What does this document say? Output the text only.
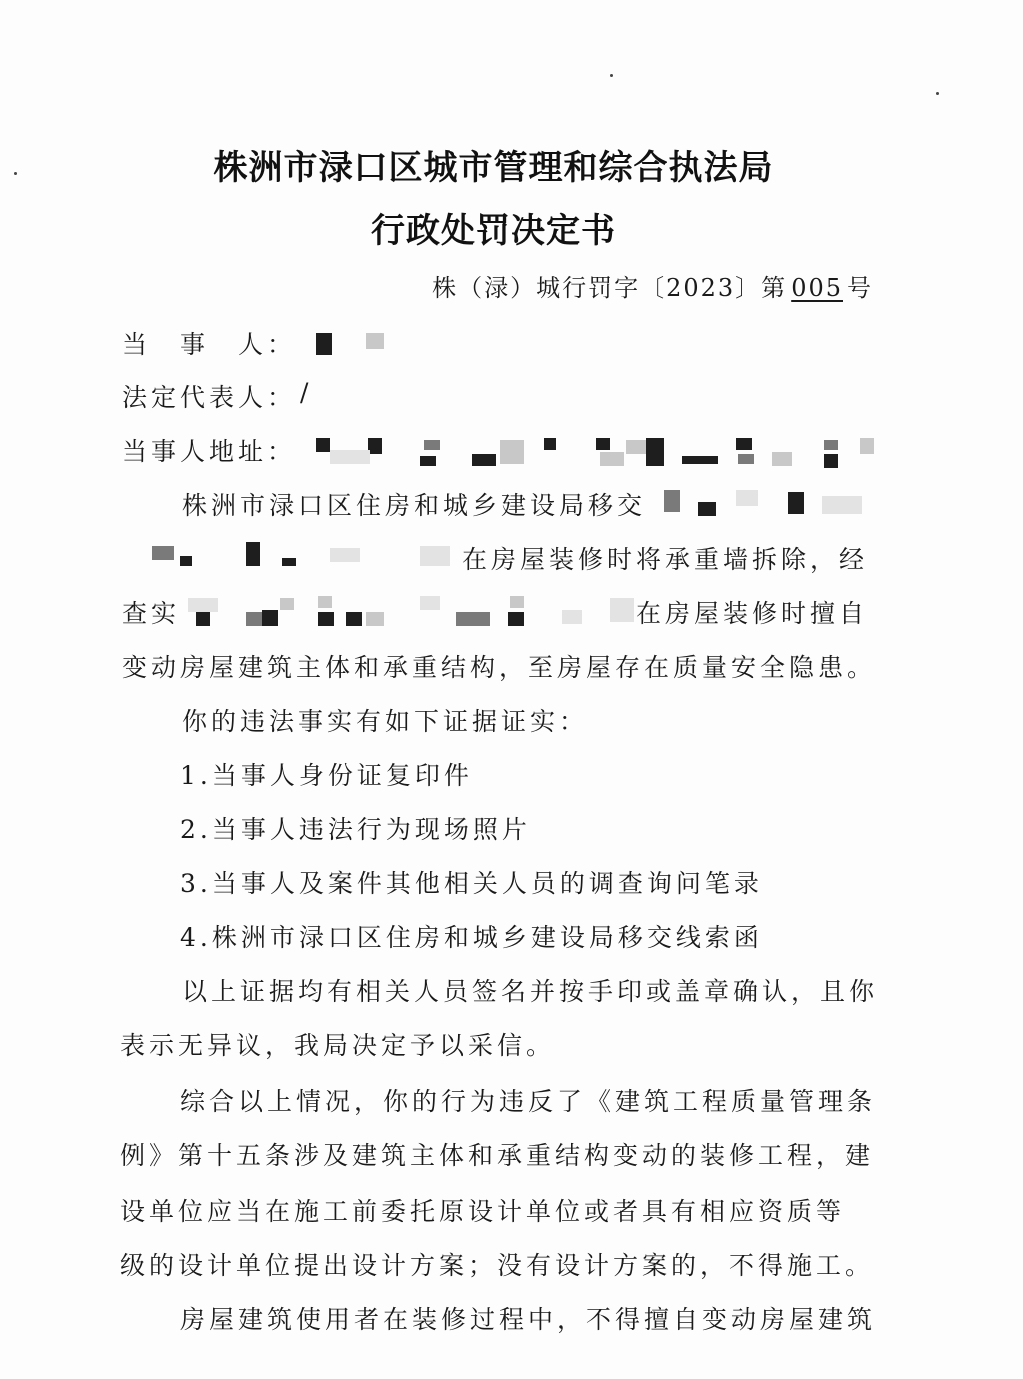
株洲市渌口区城市管理和综合执法局
行政处罚决定书
株（渌）城行罚字〔2023〕第 005 号
当　事　人：
法定代表人： /
当事人地址：
株洲市渌口区住房和城乡建设局移交
在房屋装修时将承重墙拆除，经
查实	在房屋装修时擅自
变动房屋建筑主体和承重结构，至房屋存在质量安全隐患。
你的违法事实有如下证据证实：
1.当事人身份证复印件
2.当事人违法行为现场照片
3.当事人及案件其他相关人员的调查询问笔录
4.株洲市渌口区住房和城乡建设局移交线索函
以上证据均有相关人员签名并按手印或盖章确认，且你
表示无异议，我局决定予以采信。
综合以上情况，你的行为违反了《建筑工程质量管理条
例》第十五条涉及建筑主体和承重结构变动的装修工程，建
设单位应当在施工前委托原设计单位或者具有相应资质等
级的设计单位提出设计方案；没有设计方案的，不得施工。
房屋建筑使用者在装修过程中，不得擅自变动房屋建筑
